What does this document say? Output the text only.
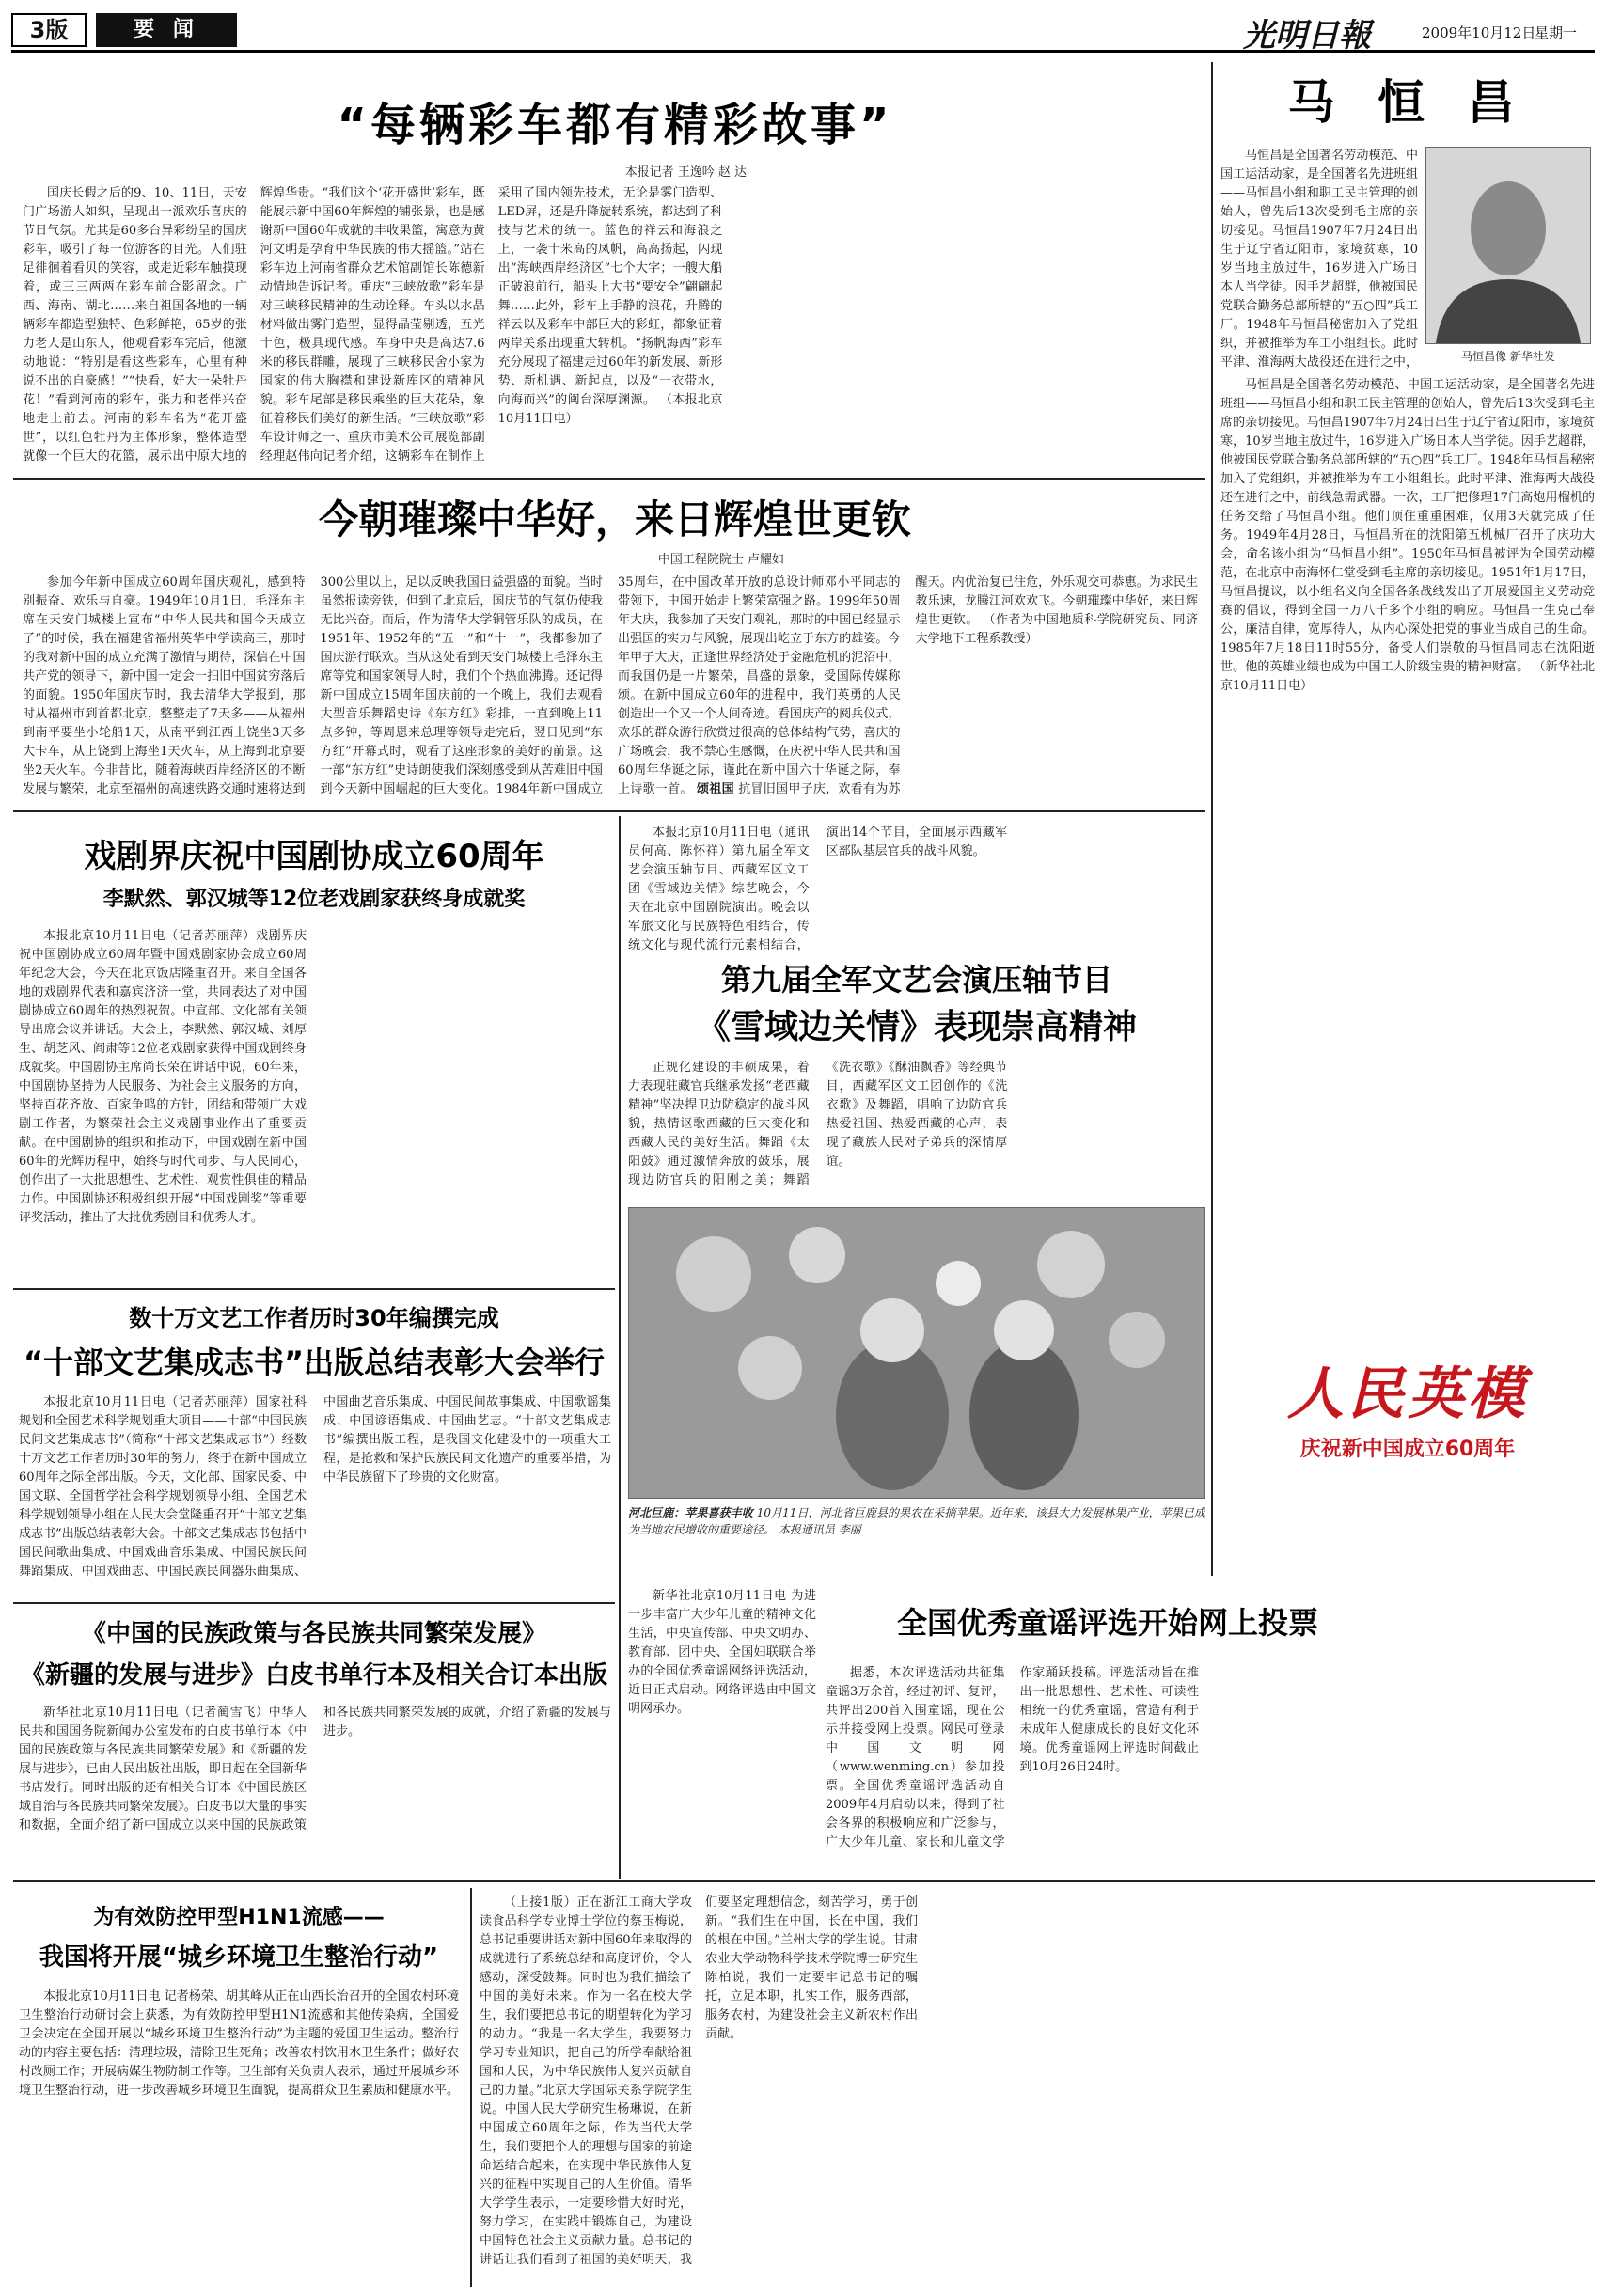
3版	要 闻	光明日報	2009年10月12日
星期一
“每辆彩车都有精彩故事”
本报记者 王逸吟 赵 达
国庆长假之后的9、10、11日，天安门广场游人如织，呈现出一派欢乐喜庆的节日气氛。尤其是60多台异彩纷呈的国庆彩车，吸引了每一位游客的目光。人们驻足徘徊着看贝的笑容，或走近彩车触摸现着，或三三两两在彩车前合影留念。广西、海南、湖北……来自祖国各地的一辆辆彩车都造型独特、色彩鲜艳，65岁的张力老人是山东人，他观看彩车完后，他激动地说：“特别是看这些彩车，心里有种说不出的自豪感！”“快看，好大一朵牡丹花！”看到河南的彩车，张力和老伴兴奋地走上前去。河南的彩车名为“花开盛世”，以红色牡丹为主体形象，整体造型就像一个巨大的花篮，展示出中原大地的辉煌华贵。“我们这个‘花开盛世’彩车，既能展示新中国60年辉煌的铺张景，也是感谢新中国60年成就的丰收果篮，寓意为黄河文明是孕育中华民族的伟大摇篮。”站在彩车边上河南省群众艺术馆副馆长陈德新动情地告诉记者。重庆“三峡放歌”彩车是对三峡移民精神的生动诠释。车头以水晶材料做出雾门造型，显得晶莹剔透，五光十色，极具现代感。车身中央是高达7.6米的移民群雕，展现了三峡移民舍小家为国家的伟大胸襟和建设新库区的精神风貌。彩车尾部是移民乘坐的巨大花朵，象征着移民们美好的新生活。“三峡放歌”彩车设计师之一、重庆市美术公司展览部副经理赵伟向记者介绍，这辆彩车在制作上采用了国内领先技术，无论是雾门造型、LED屏，还是升降旋转系统，都达到了科技与艺术的统一。蓝色的祥云和海浪之上，一袭十米高的凤帆，高高扬起，闪现出“海峡西岸经济区”七个大字；一艘大船正破浪前行，船头上大书“要安全”翩翩起舞……此外，彩车上手静的浪花，升腾的祥云以及彩车中部巨大的彩虹，都象征着两岸关系出现重大转机。“扬帆海西”彩车充分展现了福建走过60年的新发展、新形势、新机遇、新起点，以及“一衣带水，向海而兴”的闽台深厚渊源。 （本报北京10月11日电）
今朝璀璨中华好，来日辉煌世更钦
中国工程院院士 卢耀如
参加今年新中国成立60周年国庆观礼，感到特别振奋、欢乐与自豪。1949年10月1日，毛泽东主席在天安门城楼上宣布“中华人民共和国今天成立了”的时候，我在福建省福州英华中学读高三，那时的我对新中国的成立充满了激情与期待，深信在中国共产党的领导下，新中国一定会一扫旧中国贫穷落后的面貌。1950年国庆节时，我去清华大学报到，那时从福州市到首都北京，整整走了7天多——从福州到南平要坐小轮船1天，从南平到江西上饶坐3天多大卡车，从上饶到上海坐1天火车，从上海到北京要坐2天火车。今非昔比，随着海峡西岸经济区的不断发展与繁荣，北京至福州的高速铁路交通时速将达到300公里以上，足以反映我国日益强盛的面貌。当时虽然报读旁铁，但到了北京后，国庆节的气氛仍使我无比兴奋。而后，作为清华大学铜管乐队的成员，在1951年、1952年的“五一”和“十一”，我都参加了国庆游行联欢。当从这处看到天安门城楼上毛泽东主席等党和国家领导人时，我们个个热血沸腾。还记得新中国成立15周年国庆前的一个晚上，我们去观看大型音乐舞蹈史诗《东方红》彩排，一直到晚上11点多钟，等周恩来总理等领导走完后，翌日见到“东方红”开幕式时，观看了这座形象的美好的前景。这一部“东方红”史诗朗使我们深刻感受到从苦难旧中国到今天新中国崛起的巨大变化。1984年新中国成立35周年，在中国改革开放的总设计师邓小平同志的带领下，中国开始走上繁荣富强之路。1999年50周年大庆，我参加了天安门观礼，那时的中国已经显示出强国的实力与风貌，展现出屹立于东方的雄姿。今年甲子大庆，正逢世界经济处于金融危机的泥沼中，而我国仍是一片繁荣，昌盛的景象，受国际传媒称颂。在新中国成立60年的进程中，我们英勇的人民创造出一个又一个人间奇迹。看国庆产的阅兵仪式，欢乐的群众游行欣赏过很高的总体结构气势，喜庆的广场晚会，我不禁心生感慨，在庆祝中华人民共和国60周年华诞之际，谨此在新中国六十华诞之际，奉上诗歌一首。 颂祖国 抗冒旧国甲子庆，欢看有为苏醒天。内优治复已往危，外乐观交可恭惠。为求民生教乐速，龙腾江河欢欢飞。今朝璀璨中华好，来日辉煌世更钦。 （作者为中国地质科学院研究员、同济大学地下工程系教授）
戏剧界庆祝中国剧协成立60周年
李默然、郭汉城等12位老戏剧家获终身成就奖
本报北京10月11日电（记者苏丽萍）戏剧界庆祝中国剧协成立60周年暨中国戏剧家协会成立60周年纪念大会，今天在北京饭店隆重召开。来自全国各地的戏剧界代表和嘉宾济济一堂，共同表达了对中国剧协成立60周年的热烈祝贺。中宣部、文化部有关领导出席会议并讲话。大会上，李默然、郭汉城、刘厚生、胡芝风、阎肃等12位老戏剧家获得中国戏剧终身成就奖。中国剧协主席尚长荣在讲话中说，60年来，中国剧协坚持为人民服务、为社会主义服务的方向，坚持百花齐放、百家争鸣的方针，团结和带领广大戏剧工作者，为繁荣社会主义戏剧事业作出了重要贡献。在中国剧协的组织和推动下，中国戏剧在新中国60年的光辉历程中，始终与时代同步、与人民同心，创作出了一大批思想性、艺术性、观赏性俱佳的精品力作。中国剧协还积极组织开展“中国戏剧奖”等重要评奖活动，推出了大批优秀剧目和优秀人才。
本报北京10月11日电（通讯员何高、陈怀祥）第九届全军文艺会演压轴节目、西藏军区文工团《雪域边关情》综艺晚会，今天在北京中国剧院演出。晚会以军旅文化与民族特色相结合，传统文化与现代流行元素相结合，演出14个节目，全面展示西藏军区部队基层官兵的战斗风貌。
第九届全军文艺会演压轴节目
《雪域边关情》表现崇高精神
正规化建设的丰硕成果，着力表现驻藏官兵继承发扬“老西藏精神”坚决捍卫边防稳定的战斗风貌，热情讴歌西藏的巨大变化和西藏人民的美好生活。舞蹈《太阳鼓》通过激情奔放的鼓乐，展现边防官兵的阳刚之美；舞蹈《洗衣歌》《酥油飘香》等经典节目，西藏军区文工团创作的《洗衣歌》及舞蹈，唱响了边防官兵热爱祖国、热爱西藏的心声，表现了藏族人民对子弟兵的深情厚谊。
河北巨鹿：苹果喜获丰收 10月11日，河北省巨鹿县的果农在采摘苹果。近年来，该县大力发展林果产业，苹果已成为当地农民增收的重要途径。 本报通讯员 李丽
数十万文艺工作者历时30年编撰完成
“十部文艺集成志书”出版总结表彰大会举行
本报北京10月11日电（记者苏丽萍）国家社科规划和全国艺术科学规划重大项目——十部“中国民族民间文艺集成志书”（简称“十部文艺集成志书”）经数十万文艺工作者历时30年的努力，终于在新中国成立60周年之际全部出版。今天，文化部、国家民委、中国文联、全国哲学社会科学规划领导小组、全国艺术科学规划领导小组在人民大会堂隆重召开“十部文艺集成志书”出版总结表彰大会。十部文艺集成志书包括中国民间歌曲集成、中国戏曲音乐集成、中国民族民间舞蹈集成、中国戏曲志、中国民族民间器乐曲集成、中国曲艺音乐集成、中国民间故事集成、中国歌谣集成、中国谚语集成、中国曲艺志。“十部文艺集成志书”编撰出版工程，是我国文化建设中的一项重大工程，是抢救和保护民族民间文化遗产的重要举措，为中华民族留下了珍贵的文化财富。
《中国的民族政策与各民族共同繁荣发展》
《新疆的发展与进步》白皮书单行本及相关合订本出版
新华社北京10月11日电（记者蔺雪飞）中华人民共和国国务院新闻办公室发布的白皮书单行本《中国的民族政策与各民族共同繁荣发展》和《新疆的发展与进步》，已由人民出版社出版，即日起在全国新华书店发行。同时出版的还有相关合订本《中国民族区域自治与各民族共同繁荣发展》。白皮书以大量的事实和数据，全面介绍了新中国成立以来中国的民族政策和各民族共同繁荣发展的成就，介绍了新疆的发展与进步。
新华社北京10月11日电 为进一步丰富广大少年儿童的精神文化生活，中央宣传部、中央文明办、教育部、团中央、全国妇联联合举办的全国优秀童谣网络评选活动，近日正式启动。网络评选由中国文明网承办。
全国优秀童谣评选开始网上投票
据悉，本次评选活动共征集童谣3万余首，经过初评、复评，共评出200首入围童谣，现在公示并接受网上投票。网民可登录中国文明网（www.wenming.cn）参加投票。全国优秀童谣评选活动自2009年4月启动以来，得到了社会各界的积极响应和广泛参与，广大少年儿童、家长和儿童文学作家踊跃投稿。评选活动旨在推出一批思想性、艺术性、可读性相统一的优秀童谣，营造有利于未成年人健康成长的良好文化环境。优秀童谣网上评选时间截止到10月26日24时。
马 恒 昌
马恒昌像 新华社发
马恒昌是全国著名劳动模范、中国工运活动家，是全国著名先进班组——马恒昌小组和职工民主管理的创始人，曾先后13次受到毛主席的亲切接见。马恒昌1907年7月24日出生于辽宁省辽阳市，家境贫寒，10岁当地主放过牛，16岁进入广场日本人当学徒。因手艺超群，他被国民党联合勤务总部所辖的“五○四”兵工厂。1948年马恒昌秘密加入了党组织，并被推举为车工小组组长。此时平津、淮海两大战役还在进行之中，
马恒昌是全国著名劳动模范、中国工运活动家，是全国著名先进班组——马恒昌小组和职工民主管理的创始人，曾先后13次受到毛主席的亲切接见。马恒昌1907年7月24日出生于辽宁省辽阳市，家境贫寒，10岁当地主放过牛，16岁进入广场日本人当学徒。因手艺超群，他被国民党联合勤务总部所辖的“五○四”兵工厂。1948年马恒昌秘密加入了党组织，并被推举为车工小组组长。此时平津、淮海两大战役还在进行之中，前线急需武器。一次，工厂把修理17门高炮用榴机的任务交给了马恒昌小组。他们顶住重重困难，仅用3天就完成了任务。1949年4月28日，马恒昌所在的沈阳第五机械厂召开了庆功大会，命名该小组为“马恒昌小组”。1950年马恒昌被评为全国劳动模范，在北京中南海怀仁堂受到毛主席的亲切接见。1951年1月17日，马恒昌提议，以小组名义向全国各条战线发出了开展爱国主义劳动竞赛的倡议，得到全国一万八千多个小组的响应。马恒昌一生克己奉公，廉洁自律，宽厚待人，从内心深处把党的事业当成自己的生命。1985年7月18日11时55分，备受人们崇敬的马恒昌同志在沈阳逝世。他的英雄业绩也成为中国工人阶级宝贵的精神财富。 （新华社北京10月11日电）
人民英模
庆祝新中国成立60周年
为有效防控甲型H1N1流感——
我国将开展“城乡环境卫生整治行动”
本报北京10月11日电 记者杨荣、胡其峰从正在山西长治召开的全国农村环境卫生整治行动研讨会上获悉，为有效防控甲型H1N1流感和其他传染病，全国爱卫会决定在全国开展以“城乡环境卫生整治行动”为主题的爱国卫生运动。整治行动的内容主要包括：清理垃圾，清除卫生死角；改善农村饮用水卫生条件；做好农村改厕工作；开展病媒生物防制工作等。卫生部有关负责人表示，通过开展城乡环境卫生整治行动，进一步改善城乡环境卫生面貌，提高群众卫生素质和健康水平。
（上接1版）正在浙江工商大学攻读食品科学专业博士学位的蔡玉梅说，总书记重要讲话对新中国60年来取得的成就进行了系统总结和高度评价，令人感动，深受鼓舞。同时也为我们描绘了中国的美好未来。作为一名在校大学生，我们要把总书记的期望转化为学习的动力。“我是一名大学生，我要努力学习专业知识，把自己的所学奉献给祖国和人民，为中华民族伟大复兴贡献自己的力量。”北京大学国际关系学院学生说。中国人民大学研究生杨琳说，在新中国成立60周年之际，作为当代大学生，我们要把个人的理想与国家的前途命运结合起来，在实现中华民族伟大复兴的征程中实现自己的人生价值。清华大学学生表示，一定要珍惜大好时光，努力学习，在实践中锻炼自己，为建设中国特色社会主义贡献力量。总书记的讲话让我们看到了祖国的美好明天，我们要坚定理想信念，刻苦学习，勇于创新。“我们生在中国，长在中国，我们的根在中国。”兰州大学的学生说。甘肃农业大学动物科学技术学院博士研究生陈柏说，我们一定要牢记总书记的嘱托，立足本职，扎实工作，服务西部，服务农村，为建设社会主义新农村作出贡献。
